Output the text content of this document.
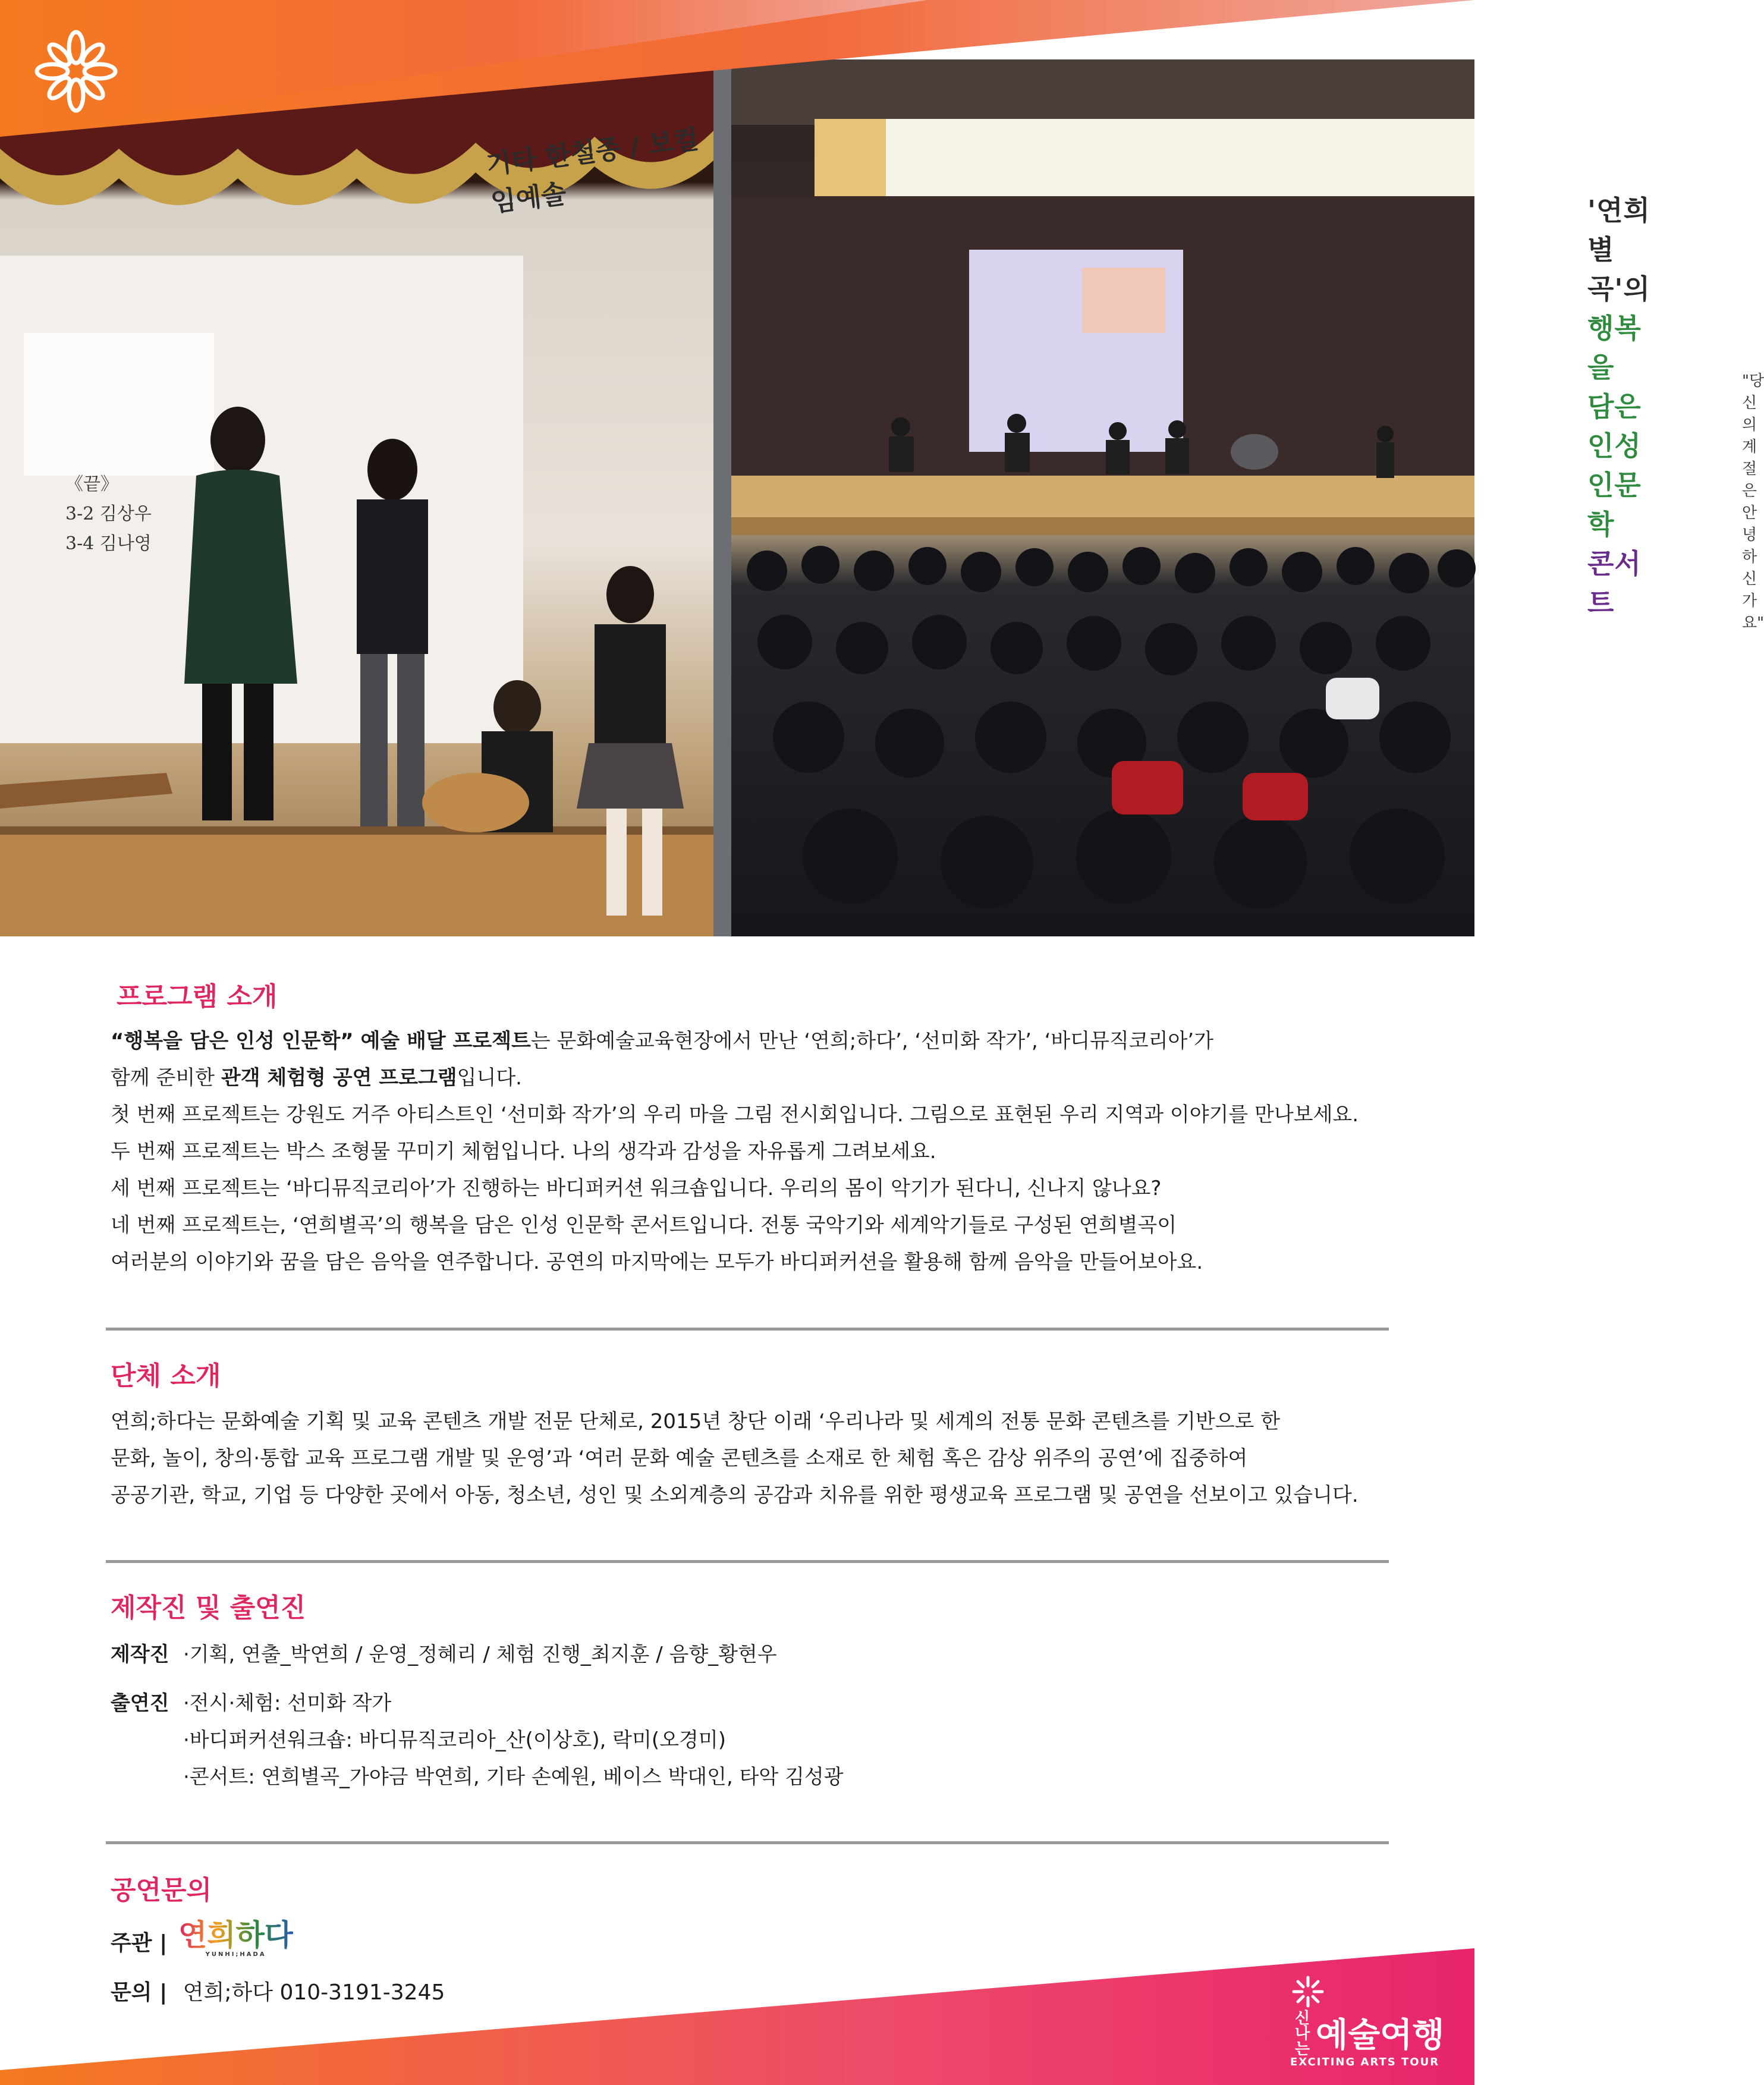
기타 한철종 / 보컬 임예솔
《끝》
3-2 김상우
3-4 김나영
'연희별곡'의 행복을 담은 인성 인문학 콘서트
"당신의 계절은 안녕하신가요"
프로그램 소개

“행복을 담은 인성 인문학” 예술 배달 프로젝트는 문화예술교육현장에서 만난 ‘연희;하다’, ‘선미화 작가’, ‘바디뮤직코리아’가

함께 준비한 관객 체험형 공연 프로그램입니다.

첫 번째 프로젝트는 강원도 거주 아티스트인 ‘선미화 작가’의 우리 마을 그림 전시회입니다. 그림으로 표현된 우리 지역과 이야기를 만나보세요.

두 번째 프로젝트는 박스 조형물 꾸미기 체험입니다. 나의 생각과 감성을 자유롭게 그려보세요.

세 번째 프로젝트는 ‘바디뮤직코리아’가 진행하는 바디퍼커션 워크숍입니다. 우리의 몸이 악기가 된다니, 신나지 않나요?

네 번째 프로젝트는, ‘연희별곡’의 행복을 담은 인성 인문학 콘서트입니다. 전통 국악기와 세계악기들로 구성된 연희별곡이

여러분의 이야기와 꿈을 담은 음악을 연주합니다. 공연의 마지막에는 모두가 바디퍼커션을 활용해 함께 음악을 만들어보아요.

단체 소개

연희;하다는 문화예술 기획 및 교육 콘텐츠 개발 전문 단체로, 2015년 창단 이래 ‘우리나라 및 세계의 전통 문화 콘텐츠를 기반으로 한

문화, 놀이, 창의·통합 교육 프로그램 개발 및 운영’과 ‘여러 문화 예술 콘텐츠를 소재로 한 체험 혹은 감상 위주의 공연’에 집중하여

공공기관, 학교, 기업 등 다양한 곳에서 아동, 청소년, 성인 및 소외계층의 공감과 치유를 위한 평생교육 프로그램 및 공연을 선보이고 있습니다.

제작진 및 출연진
제작진 ·기획, 연출_박연희 / 운영_정혜리 / 체험 진행_최지훈 / 음향_황현우
출연진 ·전시·체험: 선미화 작가
·바디퍼커션워크숍: 바디뮤직코리아_산(이상호), 락미(오경미)
·콘서트: 연희별곡_가야금 박연희, 기타 손예원, 베이스 박대인, 타악 김성광
공연문의
주관 | 연희하다
YUNHI;HADA
문의 | 연희;하다 010-3191-3245
신나는 예술여행
EXCITING ARTS TOUR
